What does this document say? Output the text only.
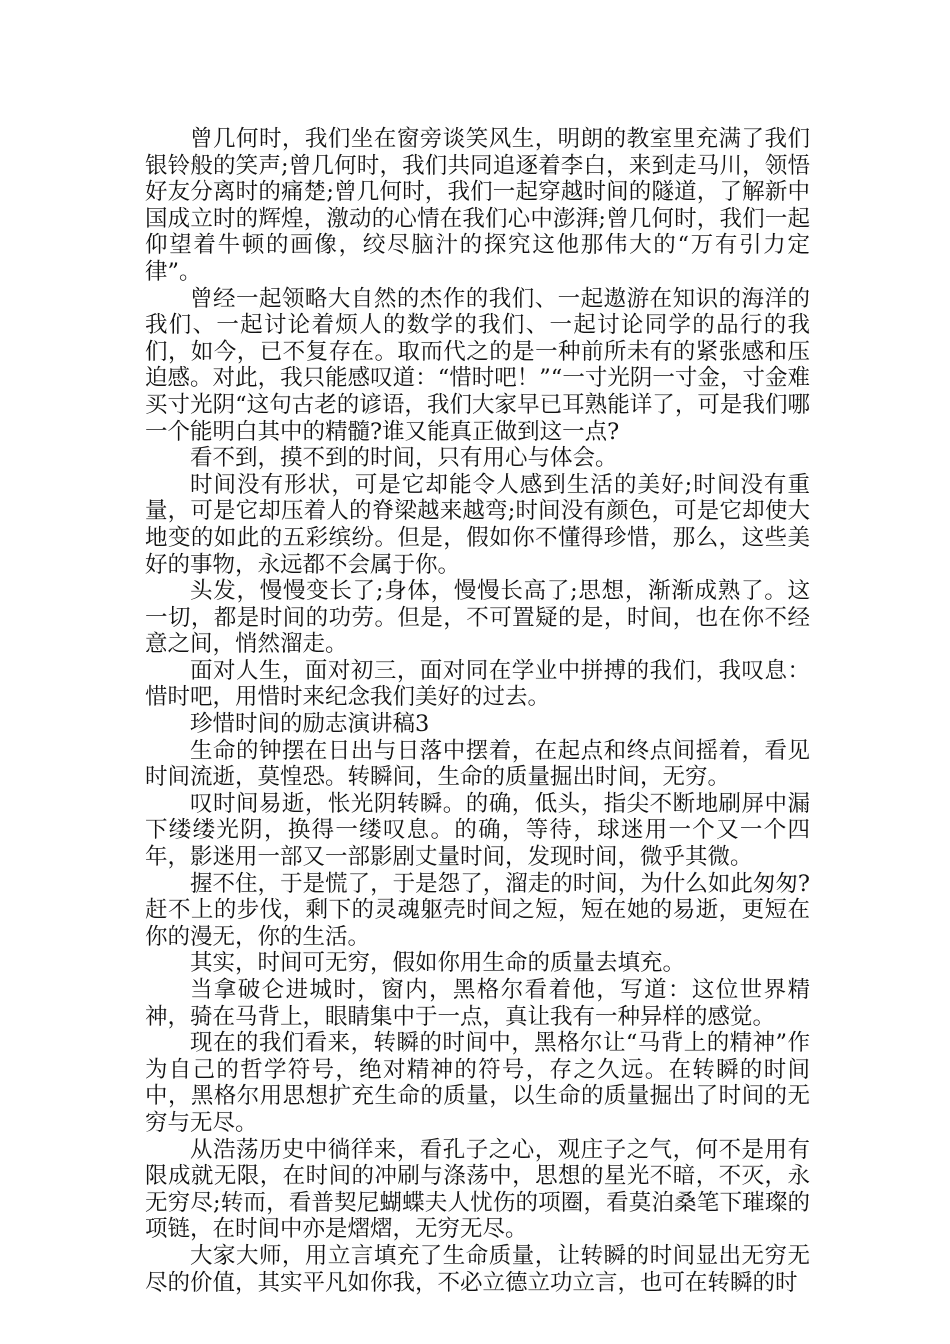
曾几何时，我们坐在窗旁谈笑风生，明朗的教室里充满了我们银铃般的笑声;曾几何时，我们共同追逐着李白，来到走马川，领悟好友分离时的痛楚;曾几何时，我们一起穿越时间的隧道，了解新中国成立时的辉煌，激动的心情在我们心中澎湃;曾几何时，我们一起仰望着牛顿的画像，绞尽脑汁的探究这他那伟大的“万有引力定律”。

曾经一起领略大自然的杰作的我们、一起遨游在知识的海洋的我们、一起讨论着烦人的数学的我们、一起讨论同学的品行的我们，如今，已不复存在。取而代之的是一种前所未有的紧张感和压迫感。对此，我只能感叹道：“惜时吧！”“一寸光阴一寸金，寸金难买寸光阴“这句古老的谚语，我们大家早已耳熟能详了，可是我们哪一个能明白其中的精髓?谁又能真正做到这一点?

看不到，摸不到的时间，只有用心与体会。

时间没有形状，可是它却能令人感到生活的美好;时间没有重量，可是它却压着人的脊梁越来越弯;时间没有颜色，可是它却使大地变的如此的五彩缤纷。但是，假如你不懂得珍惜，那么，这些美好的事物，永远都不会属于你。

头发，慢慢变长了;身体，慢慢长高了;思想，渐渐成熟了。这一切，都是时间的功劳。但是，不可置疑的是，时间，也在你不经意之间，悄然溜走。

面对人生，面对初三，面对同在学业中拼搏的我们，我叹息：惜时吧，用惜时来纪念我们美好的过去。

珍惜时间的励志演讲稿3

生命的钟摆在日出与日落中摆着，在起点和终点间摇着，看见时间流逝，莫惶恐。转瞬间，生命的质量掘出时间，无穷。

叹时间易逝，怅光阴转瞬。的确，低头，指尖不断地刷屏中漏下缕缕光阴，换得一缕叹息。的确，等待，球迷用一个又一个四年，影迷用一部又一部影剧丈量时间，发现时间，微乎其微。

握不住，于是慌了，于是怨了，溜走的时间，为什么如此匆匆?赶不上的步伐，剩下的灵魂躯壳时间之短，短在她的易逝，更短在你的漫无，你的生活。

其实，时间可无穷，假如你用生命的质量去填充。

当拿破仑进城时，窗内，黑格尔看着他，写道：这位世界精神，骑在马背上，眼睛集中于一点，真让我有一种异样的感觉。

现在的我们看来，转瞬的时间中，黑格尔让“马背上的精神”作为自己的哲学符号，绝对精神的符号，存之久远。在转瞬的时间中，黑格尔用思想扩充生命的质量，以生命的质量掘出了时间的无穷与无尽。

从浩荡历史中徜徉来，看孔子之心，观庄子之气，何不是用有限成就无限，在时间的冲刷与涤荡中，思想的星光不暗，不灭，永无穷尽;转而，看普契尼蝴蝶夫人忧伤的项圈，看莫泊桑笔下璀璨的项链，在时间中亦是熠熠，无穷无尽。

大家大师，用立言填充了生命质量，让转瞬的时间显出无穷无尽的价值，其实平凡如你我，不必立德立功立言，也可在转瞬的时
